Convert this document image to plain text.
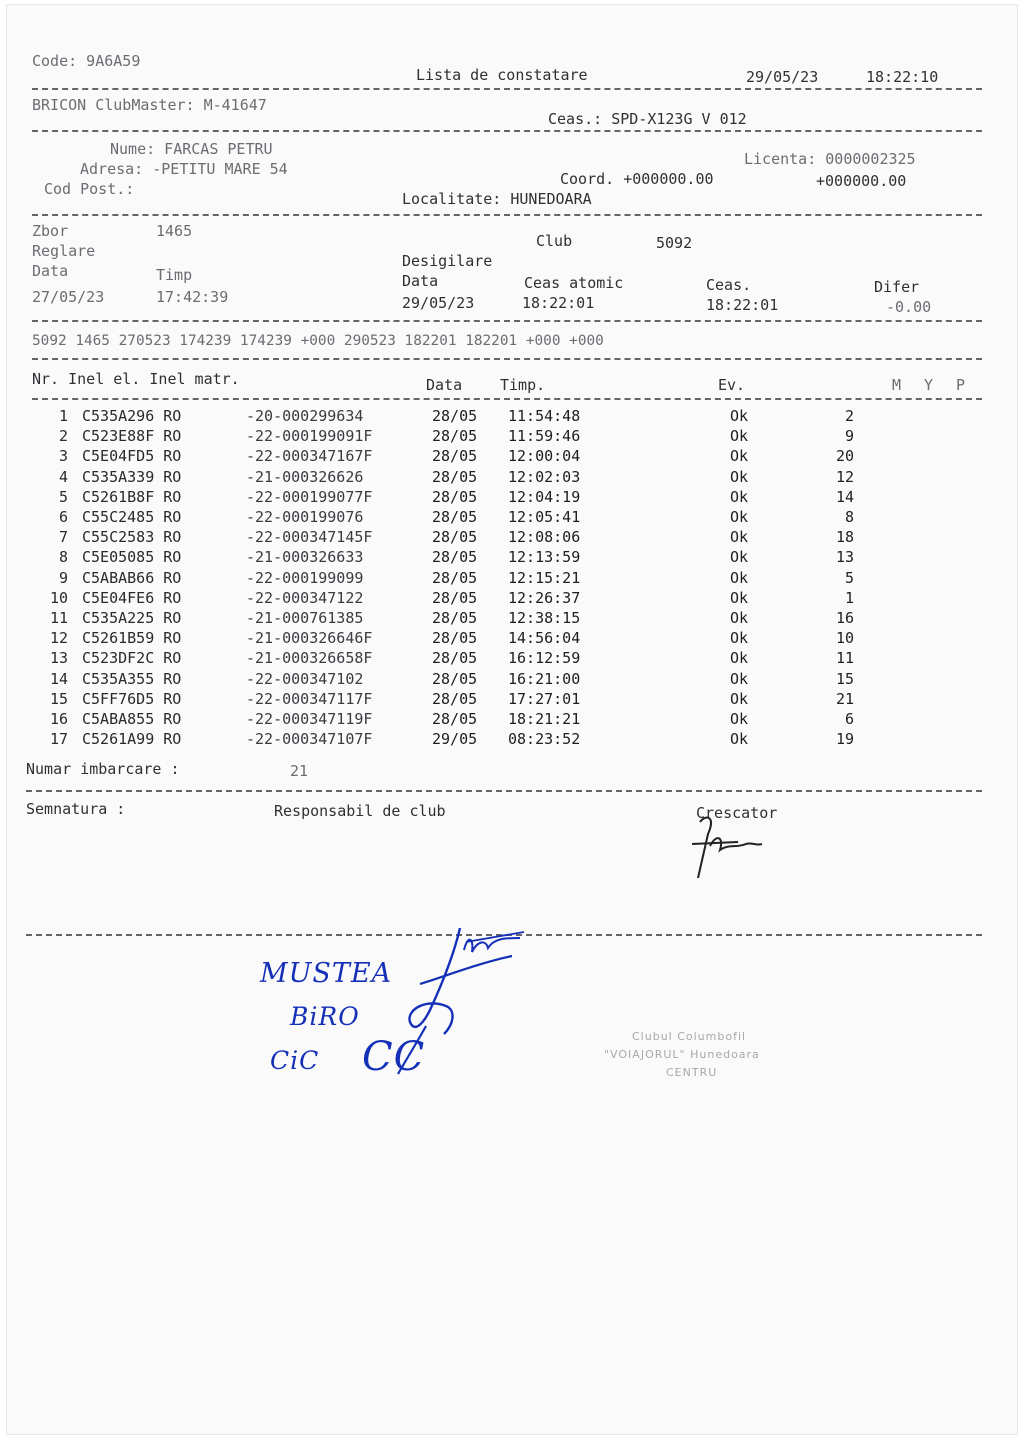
Code: 9A6A59
Lista de constatare	29/05/23	18:22:10
BRICON ClubMaster: M-41647
Ceas.: SPD-X123G V 012
Nume: FARCAS PETRU
Adresa: -PETITU MARE 54
Cod Post.:
Licenta: 0000002325
Coord. +000000.00	+000000.00
Localitate: HUNEDOARA
Zbor	1465
Club	5092
Reglare
Desigilare
Data	Timp
27/05/23	17:42:39
Data	Ceas atomic	Ceas.	Difer
29/05/23	18:22:01	18:22:01	-0.00
5092 1465 270523 174239 174239 +000 290523 182201 182201 +000 +000
Nr. Inel el. Inel matr.	Data	Timp.	Ev.	M Y P
1 C535A296 RO	-20-000299634	28/05 11:54:48	Ok	2
2 C523E88F RO	-22-000199091F	28/05 11:59:46	Ok	9
3 C5E04FD5 RO	-22-000347167F	28/05 12:00:04	Ok	20
4 C535A339 RO	-21-000326626	28/05 12:02:03	Ok	12
5 C5261B8F RO	-22-000199077F	28/05 12:04:19	Ok	14
6 C55C2485 RO	-22-000199076	28/05 12:05:41	Ok	8
7 C55C2583 RO	-22-000347145F	28/05 12:08:06	Ok	18
8 C5E05085 RO	-21-000326633	28/05 12:13:59	Ok	13
9 C5ABAB66 RO	-22-000199099	28/05 12:15:21	Ok	5
10 C5E04FE6 RO	-22-000347122	28/05 12:26:37	Ok	1
11 C535A225 RO	-21-000761385	28/05 12:38:15	Ok	16
12 C5261B59 RO	-21-000326646F	28/05 14:56:04	Ok	10
13 C523DF2C RO	-21-000326658F	28/05 16:12:59	Ok	11
14 C535A355 RO	-22-000347102	28/05 16:21:00	Ok	15
15 C5FF76D5 RO	-22-000347117F	28/05 17:27:01	Ok	21
16 C5ABA855 RO	-22-000347119F	28/05 18:21:21	Ok	6
17 C5261A99 RO	-22-000347107F	29/05 08:23:52	Ok	19
Numar imbarcare :	21
Semnatura :	Responsabil de club	Crescator
MUSTEA
BiRO
CiC CC	Clubul Columbofil
"VOIAJORUL" Hunedoara
CENTRU
